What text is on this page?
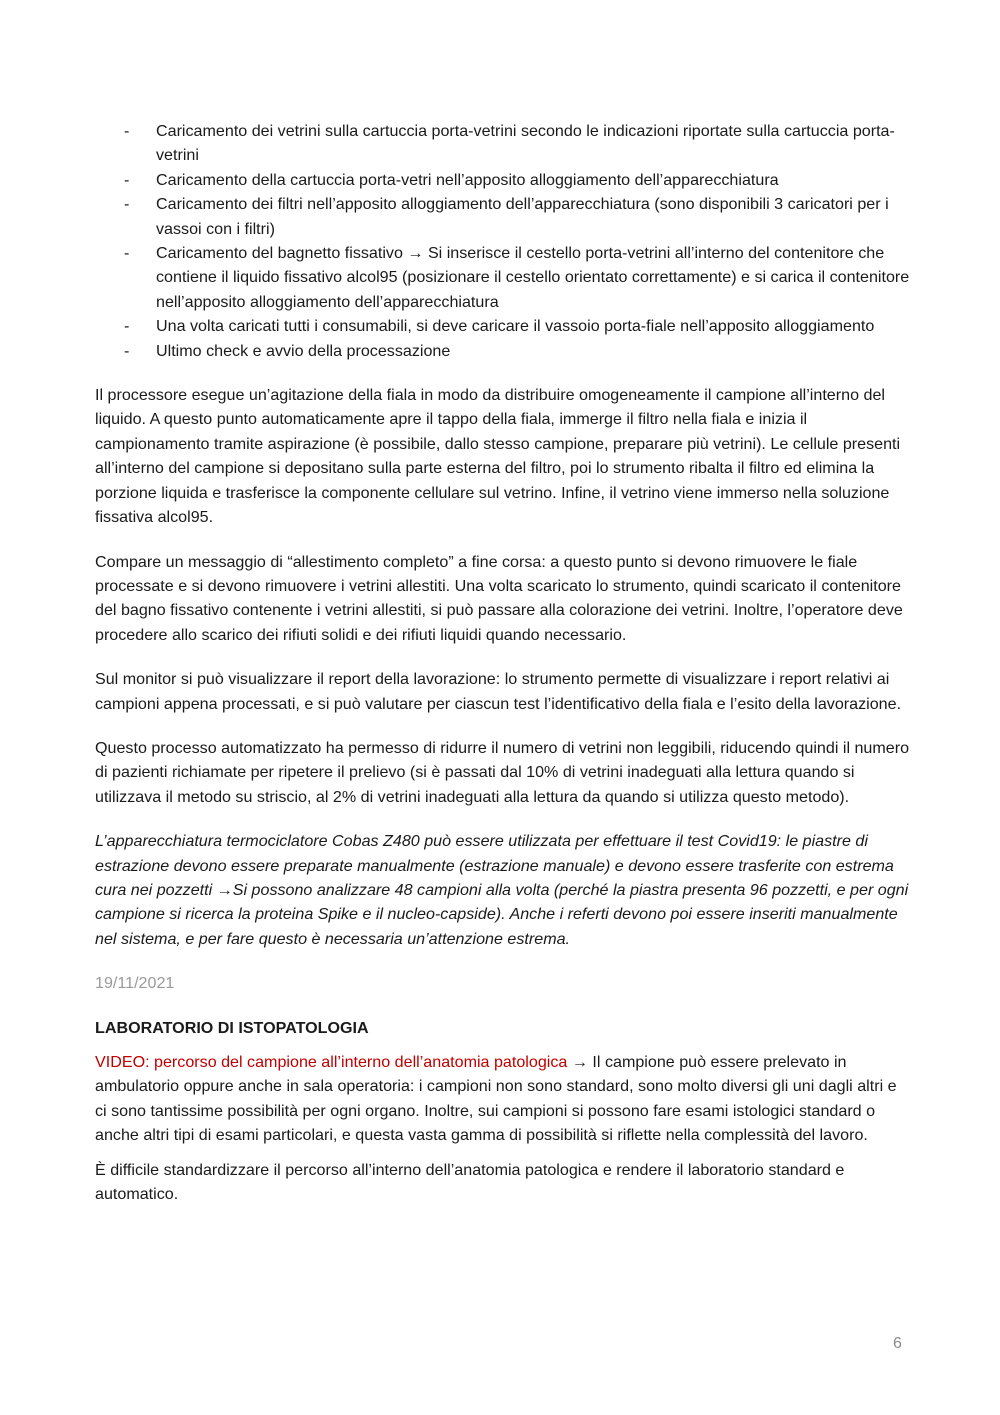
- Caricamento dei vetrini sulla cartuccia porta-vetrini secondo le indicazioni riportate sulla cartuccia porta-vetrini
- Caricamento della cartuccia porta-vetri nell’apposito alloggiamento dell’apparecchiatura
- Caricamento dei filtri nell’apposito alloggiamento dell’apparecchiatura (sono disponibili 3 caricatori per i vassoi con i filtri)
- Caricamento del bagnetto fissativo → Si inserisce il cestello porta-vetrini all’interno del contenitore che contiene il liquido fissativo alcol95 (posizionare il cestello orientato correttamente) e si carica il contenitore nell’apposito alloggiamento dell’apparecchiatura
- Una volta caricati tutti i consumabili, si deve caricare il vassoio porta-fiale nell’apposito alloggiamento
- Ultimo check e avvio della processazione

Il processore esegue un’agitazione della fiala in modo da distribuire omogeneamente il campione all’interno del liquido. A questo punto automaticamente apre il tappo della fiala, immerge il filtro nella fiala e inizia il campionamento tramite aspirazione (è possibile, dallo stesso campione, preparare più vetrini). Le cellule presenti all’interno del campione si depositano sulla parte esterna del filtro, poi lo strumento ribalta il filtro ed elimina la porzione liquida e trasferisce la componente cellulare sul vetrino. Infine, il vetrino viene immerso nella soluzione fissativa alcol95.

Compare un messaggio di “allestimento completo” a fine corsa: a questo punto si devono rimuovere le fiale processate e si devono rimuovere i vetrini allestiti. Una volta scaricato lo strumento, quindi scaricato il contenitore del bagno fissativo contenente i vetrini allestiti, si può passare alla colorazione dei vetrini. Inoltre, l’operatore deve procedere allo scarico dei rifiuti solidi e dei rifiuti liquidi quando necessario.

Sul monitor si può visualizzare il report della lavorazione: lo strumento permette di visualizzare i report relativi ai campioni appena processati, e si può valutare per ciascun test l’identificativo della fiala e l’esito della lavorazione.

Questo processo automatizzato ha permesso di ridurre il numero di vetrini non leggibili, riducendo quindi il numero di pazienti richiamate per ripetere il prelievo (si è passati dal 10% di vetrini inadeguati alla lettura quando si utilizzava il metodo su striscio, al 2% di vetrini inadeguati alla lettura da quando si utilizza questo metodo).

L’apparecchiatura termociclatore Cobas Z480 può essere utilizzata per effettuare il test Covid19: le piastre di estrazione devono essere preparate manualmente (estrazione manuale) e devono essere trasferite con estrema cura nei pozzetti →Si possono analizzare 48 campioni alla volta (perché la piastra presenta 96 pozzetti, e per ogni campione si ricerca la proteina Spike e il nucleo-capside). Anche i referti devono poi essere inseriti manualmente nel sistema, e per fare questo è necessaria un’attenzione estrema.

19/11/2021

LABORATORIO DI ISTOPATOLOGIA

VIDEO: percorso del campione all’interno dell’anatomia patologica → Il campione può essere prelevato in ambulatorio oppure anche in sala operatoria: i campioni non sono standard, sono molto diversi gli uni dagli altri e ci sono tantissime possibilità per ogni organo. Inoltre, sui campioni si possono fare esami istologici standard o anche altri tipi di esami particolari, e questa vasta gamma di possibilità si riflette nella complessità del lavoro.

È difficile standardizzare il percorso all’interno dell’anatomia patologica e rendere il laboratorio standard e automatico.

6
